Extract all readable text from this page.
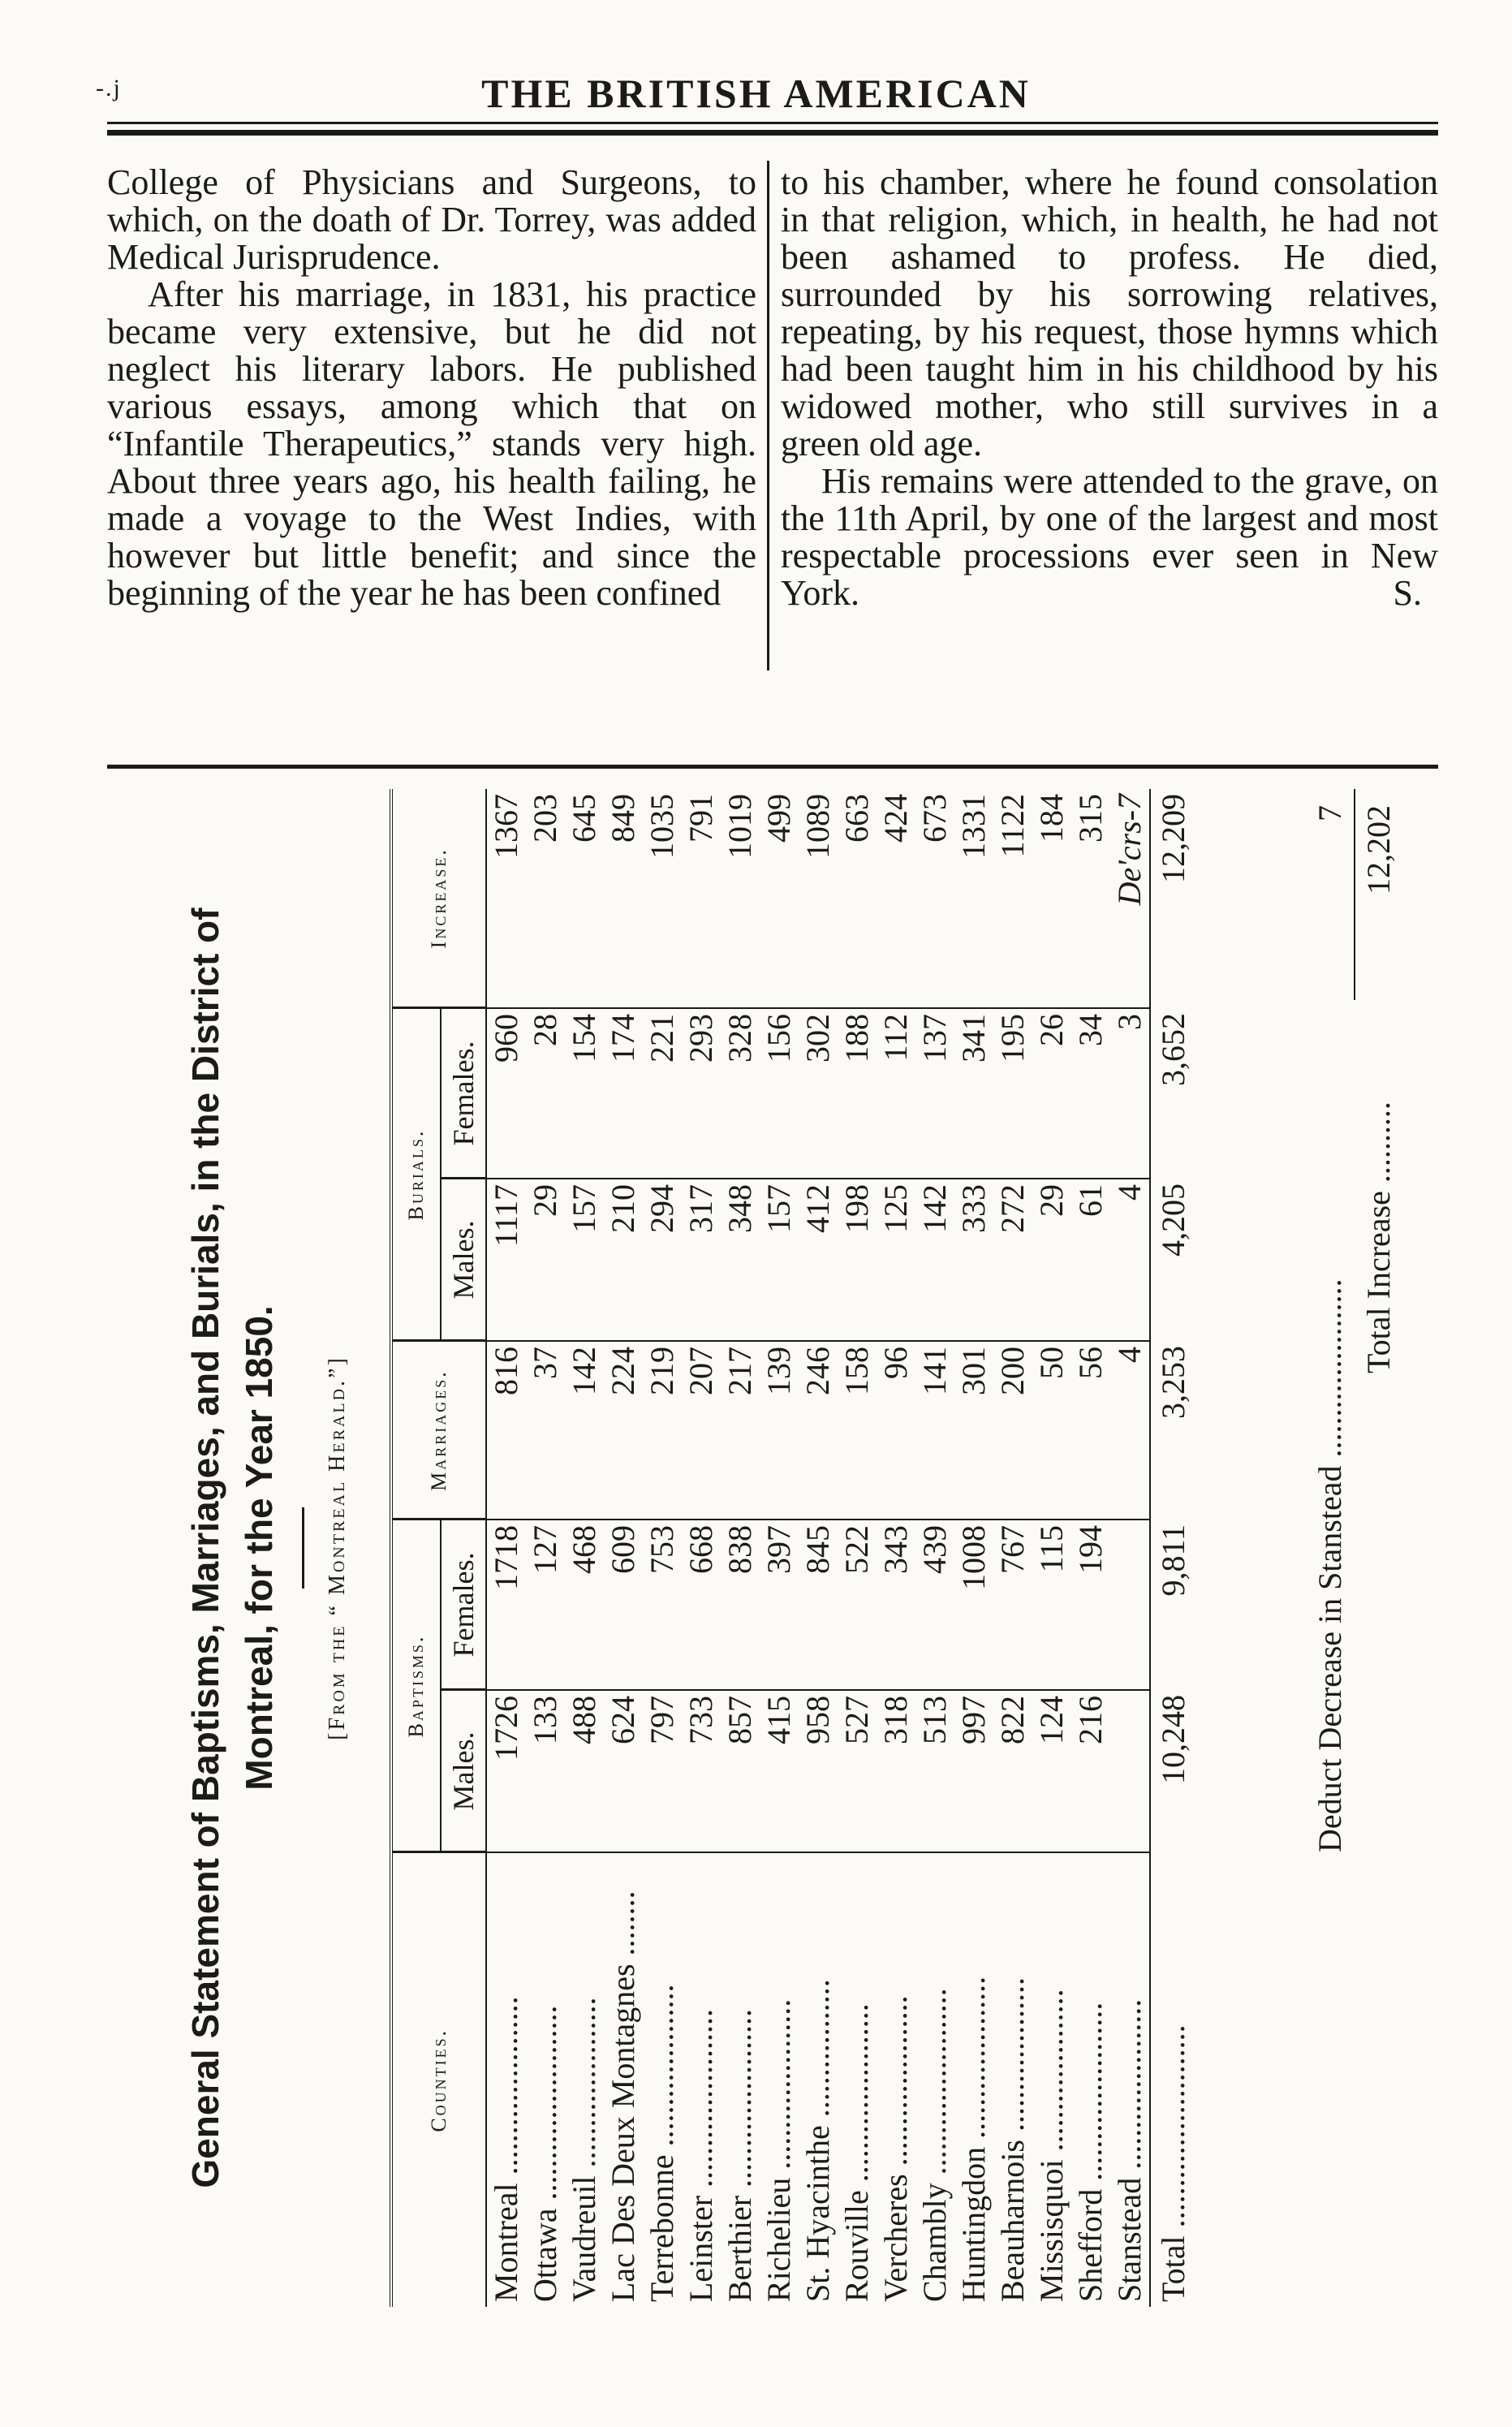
-.j	THE BRITISH AMERICAN

College of Physicians and Surgeons, to which, on the doath of Dr. Torrey, was added Medical Jurisprudence.

After his marriage, in 1831, his practice became very extensive, but he did not neglect his literary labors. He published various essays, among which that on “Infantile Therapeutics,” stands very high. About three years ago, his health failing, he made a voyage to the West Indies, with however but little benefit; and since the beginning of the year he has been confined

to his chamber, where he found consolation in that religion, which, in health, he had not been ashamed to profess. He died, surrounded by his sorrowing relatives, repeating, by his request, those hymns which had been taught him in his childhood by his widowed mother, who still survives in a green old age.

His remains were attended to the grave, on the 11th April, by one of the largest and most respectable processions ever seen in New York.	S.

General Statement of Baptisms, Marriages, and Burials, in the District of Montreal, for the Year 1850. [From the “ Montreal Herald.”]
Counties.	Baptisms.		Marriages.	Burials.		Increase.
	Males.	Females.		Males.	Females.	
Montreal ......................	1726	1718	816	1117	960	1367
Ottawa ........................	133	127	37	29	28	203
Vaudreuil .....................	488	468	142	157	154	645
Lac Des Deux Montagnes ........	624	609	224	210	174	849
Terrebonne ....................	797	753	219	294	221	1035
Leinster ......................	733	668	207	317	293	791
Berthier ......................	857	838	217	348	328	1019
Richelieu .....................	415	397	139	157	156	499
St. Hyacinthe .................	958	845	246	412	302	1089
Rouville ......................	527	522	158	198	188	663
Vercheres .....................	318	343	96	125	112	424
Chambly .......................	513	439	141	142	137	673
Huntingdon ....................	997	1008	301	333	341	1331
Beauharnois ...................	822	767	200	272	195	1122
Missisquoi ....................	124	115	50	29	26	184
Shefford ......................	216	194	56	61	34	315
Stanstead .....................			4	4	3	De'crs-7
Total .........................	10,248	9,811	3,253	4,205	3,652	12,209
Deduct Decrease in Stanstead ......................
7
Total Increase ..........
12,202
